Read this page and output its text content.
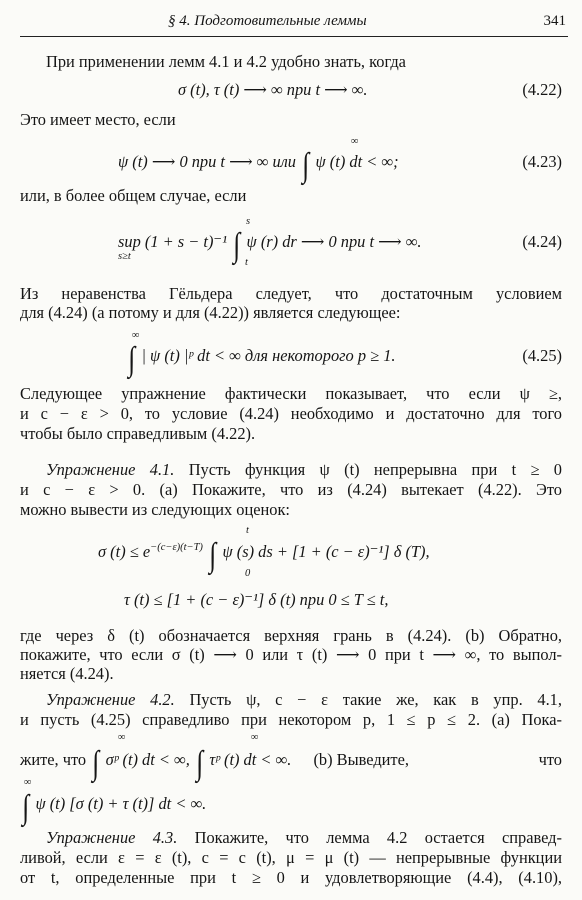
§ 4. Подготовительные леммы	341
При применении лемм 4.1 и 4.2 удобно знать, когда
σ (t), τ (t) ⟶ ∞ при t ⟶ ∞.	(4.22)
Это имеет место, если
ψ (t) ⟶ 0 при t ⟶ ∞ или ∫ ψ (t) dt < ∞;
∞
(4.23)
или, в более общем случае, если
sup (1 + s − t)⁻¹ ∫ ψ (r) dr ⟶ 0 при t ⟶ ∞.
s≥t
s
t
(4.24)
Из неравенства Гёльдера следует, что достаточным условием
для (4.24) (а потому и для (4.22)) является следующее:
∫ | ψ (t) |ᵖ dt < ∞ для некоторого p ≥ 1.
∞
(4.25)
Следующее упражнение фактически показывает, что если ψ ≥,
и c − ε > 0, то условие (4.24) необходимо и достаточно для того
чтобы было справедливым (4.22).
Упражнение 4.1. Пусть функция ψ (t) непрерывна при t ≥ 0
и c − ε > 0. (a) Покажите, что из (4.24) вытекает (4.22). Это
можно вывести из следующих оценок:
σ $(t) \le e^{-(c-\varepsilon)(t-T)}$ ∫ ψ (s) ds + [1 + (c − ε)⁻¹] δ (T),
t
0
τ (t) ≤ [1 + (c − ε)⁻¹] δ (t) при 0 ≤ T ≤ t,
где через δ (t) обозначается верхняя грань в (4.24). (b) Обратно,
покажите, что если σ (t) ⟶ 0 или τ (t) ⟶ 0 при t ⟶ ∞, то выпол-
няется (4.24).
Упражнение 4.2. Пусть ψ, c − ε такие же, как в упр. 4.1,
и пусть (4.25) справедливо при некотором p, 1 ≤ p ≤ 2. (a) Пока-
жите, что ∫ σᵖ (t) dt < ∞, ∫ τᵖ (t) dt < ∞. (b) Выведите,	что
∞	∞
∫ ψ (t) [σ (t) + τ (t)] dt < ∞.
∞
Упражнение 4.3. Покажите, что лемма 4.2 остается справед-
ливой, если ε = ε (t), c = c (t), μ = μ (t) — непрерывные функции
от t, определенные при t ≥ 0 и удовлетворяющие (4.4), (4.10),
